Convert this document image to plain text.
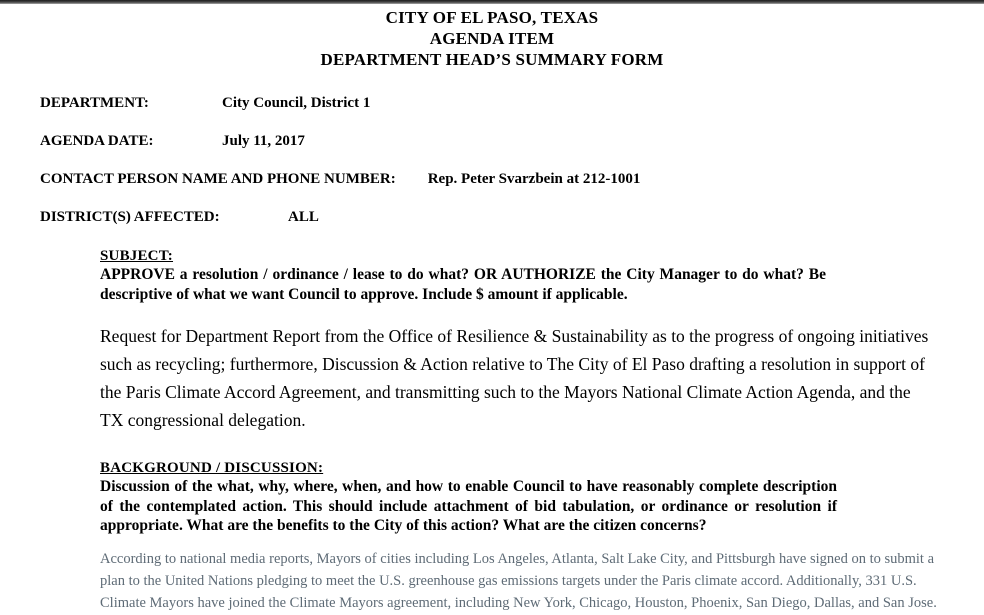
CITY OF EL PASO, TEXAS
AGENDA ITEM
DEPARTMENT HEAD’S SUMMARY FORM
DEPARTMENT:	City Council, District 1
AGENDA DATE:	July 11, 2017
CONTACT PERSON NAME AND PHONE NUMBER: Rep. Peter Svarzbein at 212-1001
DISTRICT(S) AFFECTED:	ALL
SUBJECT:
APPROVE a resolution / ordinance / lease to do what? OR AUTHORIZE the City Manager to do what? Be descriptive of what we want Council to approve. Include $ amount if applicable.
Request for Department Report from the Office of Resilience & Sustainability as to the progress of ongoing initiatives such as recycling; furthermore, Discussion & Action relative to The City of El Paso drafting a resolution in support of the Paris Climate Accord Agreement, and transmitting such to the Mayors National Climate Action Agenda, and the TX congressional delegation.
BACKGROUND / DISCUSSION:
Discussion of the what, why, where, when, and how to enable Council to have reasonably complete description of the contemplated action. This should include attachment of bid tabulation, or ordinance or resolution if appropriate. What are the benefits to the City of this action? What are the citizen concerns?
According to national media reports, Mayors of cities including Los Angeles, Atlanta, Salt Lake City, and Pittsburgh have signed on to submit a plan to the United Nations pledging to meet the U.S. greenhouse gas emissions targets under the Paris climate accord. Additionally, 331 U.S. Climate Mayors have joined the Climate Mayors agreement, including New York, Chicago, Houston, Phoenix, San Diego, Dallas, and San Jose.
